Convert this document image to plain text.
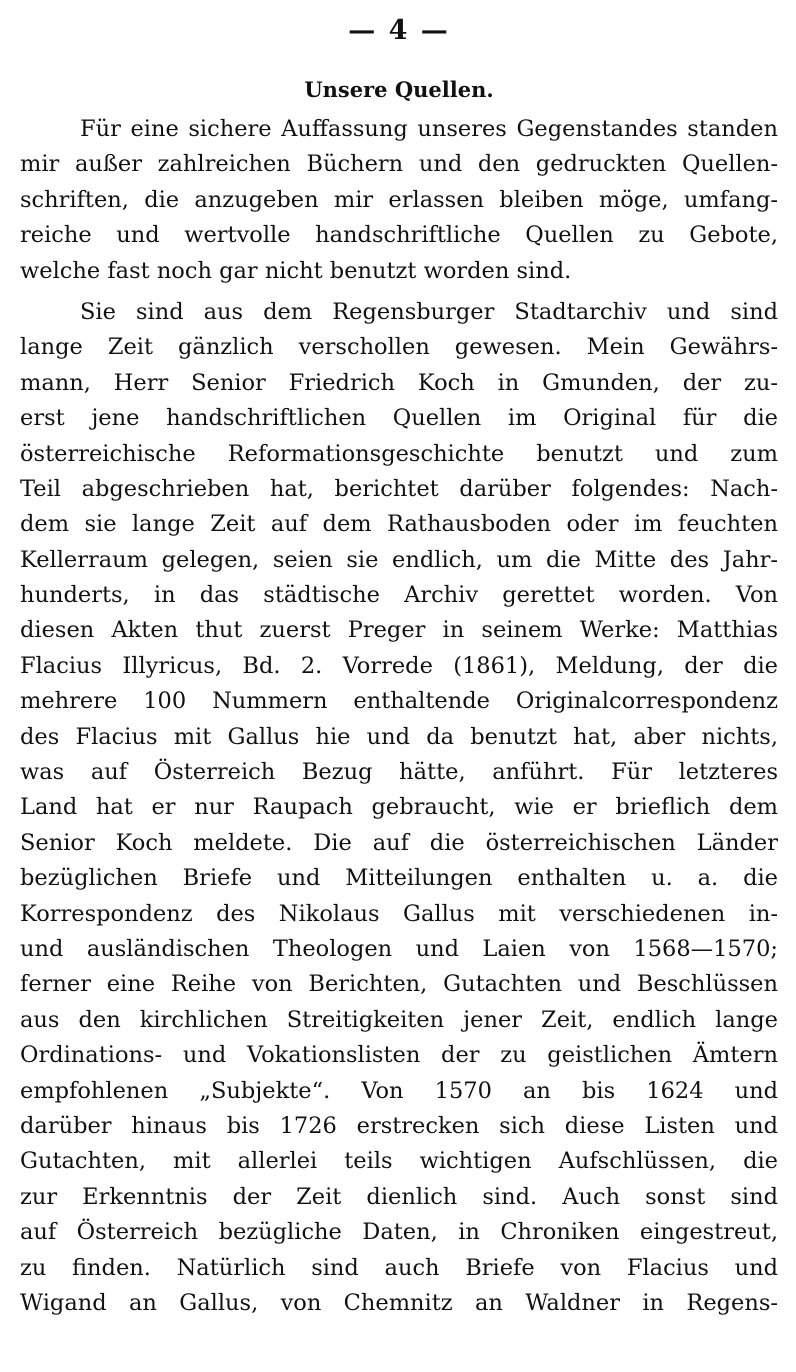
— 4 —
Unsere Quellen.
Für eine sichere Auffassung unseres Gegenstandes standen
mir außer zahlreichen Büchern und den gedruckten Quellen-
schriften, die anzugeben mir erlassen bleiben möge, umfang-
reiche und wertvolle handschriftliche Quellen zu Gebote,
welche fast noch gar nicht benutzt worden sind.
Sie sind aus dem Regensburger Stadtarchiv und sind
lange Zeit gänzlich verschollen gewesen. Mein Gewährs-
mann, Herr Senior Friedrich Koch in Gmunden, der zu-
erst jene handschriftlichen Quellen im Original für die
österreichische Reformationsgeschichte benutzt und zum
Teil abgeschrieben hat, berichtet darüber folgendes: Nach-
dem sie lange Zeit auf dem Rathausboden oder im feuchten
Kellerraum gelegen, seien sie endlich, um die Mitte des Jahr-
hunderts, in das städtische Archiv gerettet worden. Von
diesen Akten thut zuerst Preger in seinem Werke: Matthias
Flacius Illyricus, Bd. 2. Vorrede (1861), Meldung, der die
mehrere 100 Nummern enthaltende Originalcorrespondenz
des Flacius mit Gallus hie und da benutzt hat, aber nichts,
was auf Österreich Bezug hätte, anführt. Für letzteres
Land hat er nur Raupach gebraucht, wie er brieflich dem
Senior Koch meldete. Die auf die österreichischen Länder
bezüglichen Briefe und Mitteilungen enthalten u. a. die
Korrespondenz des Nikolaus Gallus mit verschiedenen in-
und ausländischen Theologen und Laien von 1568—1570;
ferner eine Reihe von Berichten, Gutachten und Beschlüssen
aus den kirchlichen Streitigkeiten jener Zeit, endlich lange
Ordinations- und Vokationslisten der zu geistlichen Ämtern
empfohlenen „Subjekte“. Von 1570 an bis 1624 und
darüber hinaus bis 1726 erstrecken sich diese Listen und
Gutachten, mit allerlei teils wichtigen Aufschlüssen, die
zur Erkenntnis der Zeit dienlich sind. Auch sonst sind
auf Österreich bezügliche Daten, in Chroniken eingestreut,
zu finden. Natürlich sind auch Briefe von Flacius und
Wigand an Gallus, von Chemnitz an Waldner in Regens-
